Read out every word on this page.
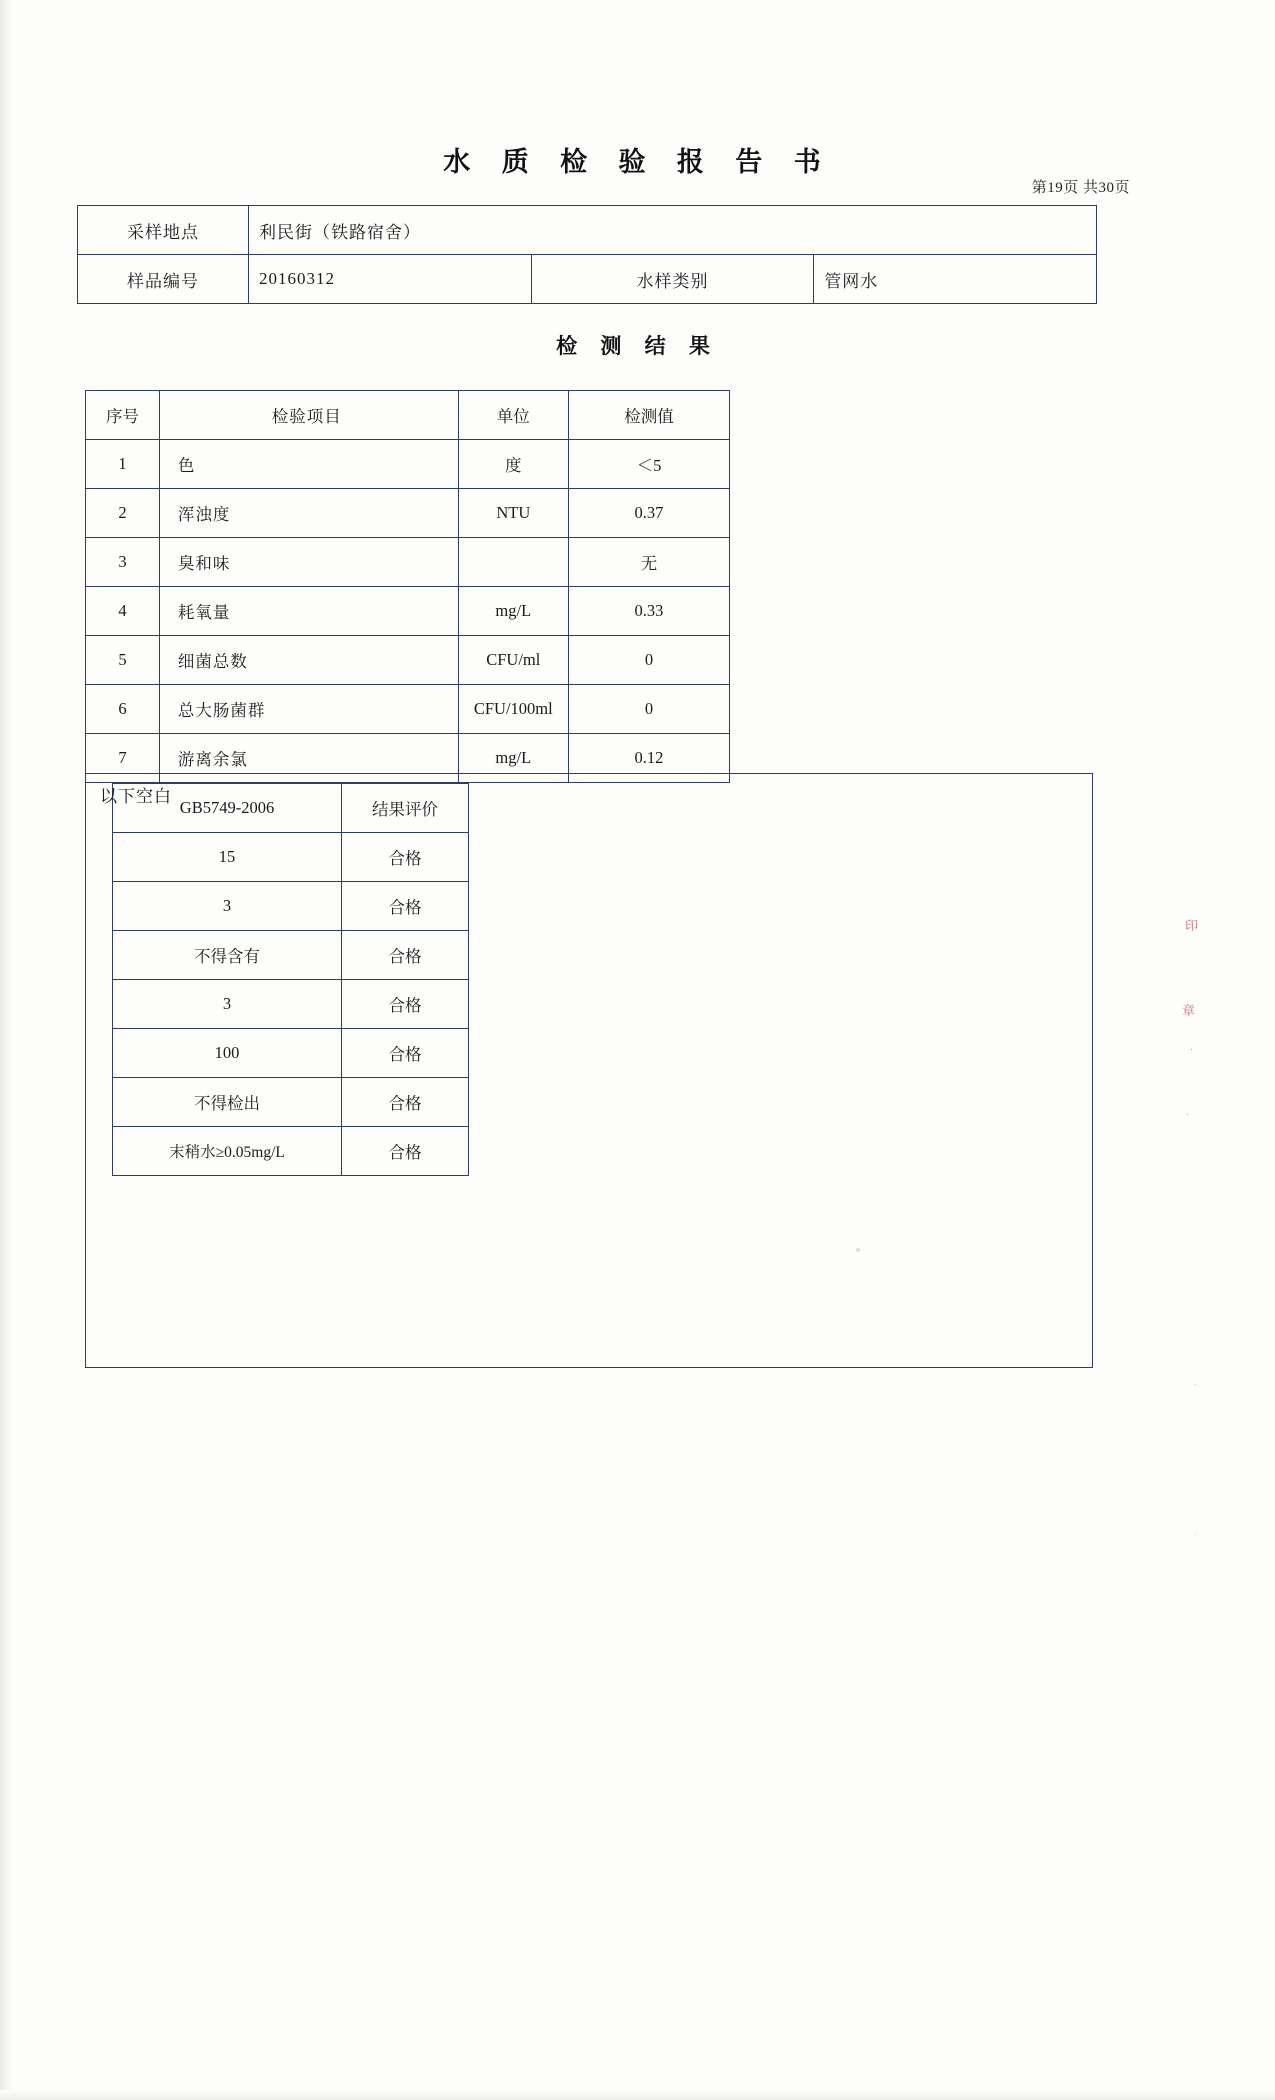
水 质 检 验 报 告 书
第19页 共30页
采样地点	利民街（铁路宿舍）		
样品编号	20160312	水样类别	管网水
检 测 结 果
序号	检验项目	单位	检测值
1	色	度	＜5
2	浑浊度	NTU	0.37
3	臭和味		无
4	耗氧量	mg/L	0.33
5	细菌总数	CFU/ml	0
6	总大肠菌群	CFU/100ml	0
7	游离余氯	mg/L	0.12
GB5749-2006	结果评价
15	合格
3	合格
不得含有	合格
3	合格
100	合格
不得检出	合格
末稍水≥0.05mg/L	合格
以下空白
印
章
·
·
·
·
